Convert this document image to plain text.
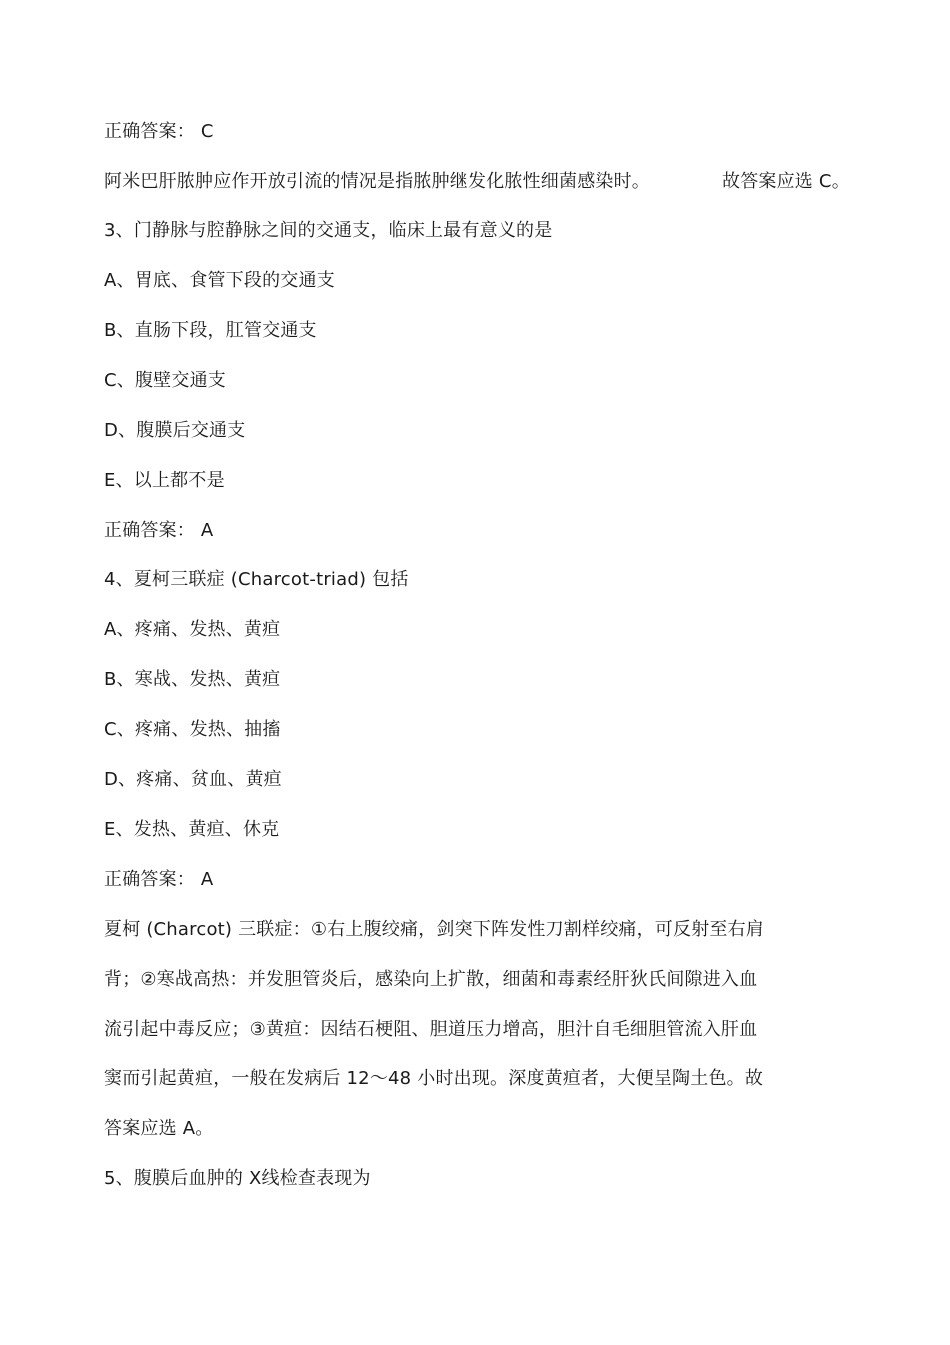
正确答案： C
阿米巴肝脓肿应作开放引流的情况是指脓肿继发化脓性细菌感染时。	故答案应选 C。
3、门静脉与腔静脉之间的交通支，临床上最有意义的是
A、胃底、食管下段的交通支
B、直肠下段，肛管交通支
C、腹壁交通支
D、腹膜后交通支
E、以上都不是
正确答案： A
4、夏柯三联症 (Charcot-triad) 包括
A、疼痛、发热、黄疸
B、寒战、发热、黄疸
C、疼痛、发热、抽搐
D、疼痛、贫血、黄疸
E、发热、黄疸、休克
正确答案： A
夏柯 (Charcot) 三联症：①右上腹绞痛，剑突下阵发性刀割样绞痛，可反射至右肩
背；②寒战高热：并发胆管炎后，感染向上扩散，细菌和毒素经肝狄氏间隙进入血
流引起中毒反应；③黄疸：因结石梗阻、胆道压力增高，胆汁自毛细胆管流入肝血
窦而引起黄疸，一般在发病后 12～48 小时出现。深度黄疸者，大便呈陶土色。故
答案应选 A。
5、腹膜后血肿的 X线检查表现为
